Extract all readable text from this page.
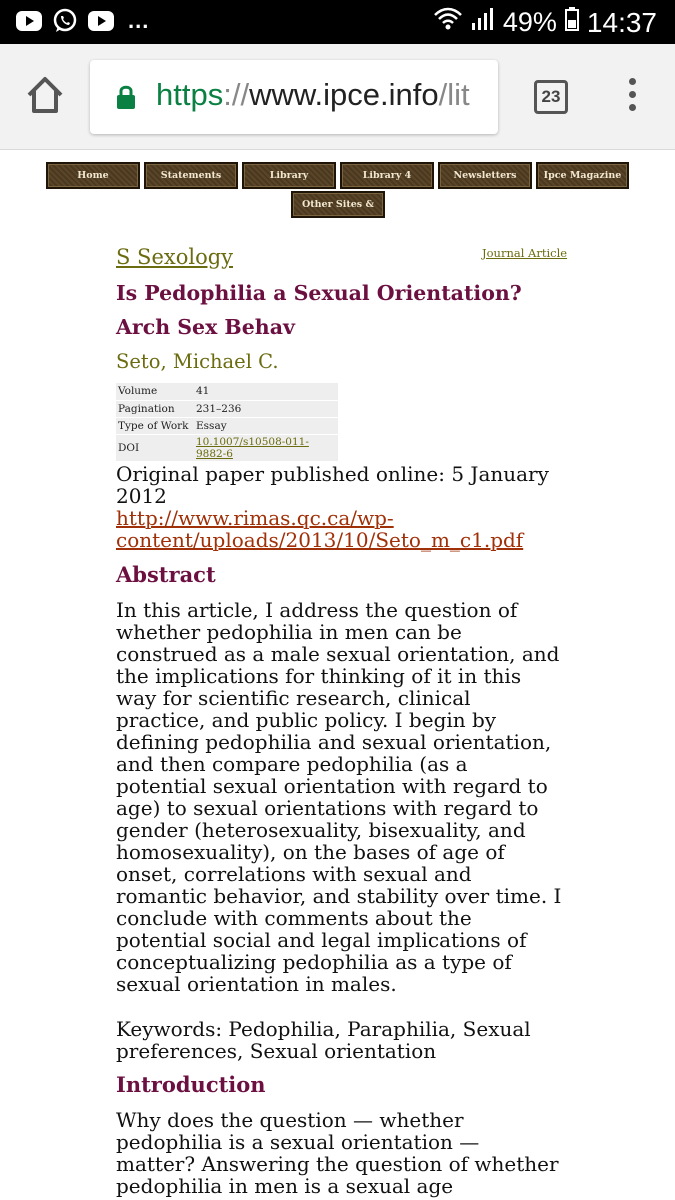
...	49% 14:37
https://www.ipce.info/lit	23
Home	Statements	Library	Library 4	Newsletters	Ipce Magazine
Other Sites &
S Sexology	Journal Article
Is Pedophilia a Sexual Orientation?
Arch Sex Behav
Seto, Michael C.
Volume	41
Pagination	231–236
Type of Work	Essay
DOI	10.1007/s10508-011-9882-6
Original paper published online: 5 January 2012
http://www.rimas.qc.ca/wp-content/uploads/2013/10/Seto_m_c1.pdf
Abstract

In this article, I address the question of whether pedophilia in men can be construed as a male sexual orientation, and the implications for thinking of it in this way for scientific research, clinical practice, and public policy. I begin by defining pedophilia and sexual orientation, and then compare pedophilia (as a potential sexual orientation with regard to age) to sexual orientations with regard to gender (heterosexuality, bisexuality, and homosexuality), on the bases of age of onset, correlations with sexual and romantic behavior, and stability over time. I conclude with comments about the potential social and legal implications of conceptualizing pedophilia as a type of sexual orientation in males.

Keywords: Pedophilia, Paraphilia, Sexual preferences, Sexual orientation

Introduction

Why does the question — whether pedophilia is a sexual orientation — matter? Answering the question of whether pedophilia in men is a sexual age
